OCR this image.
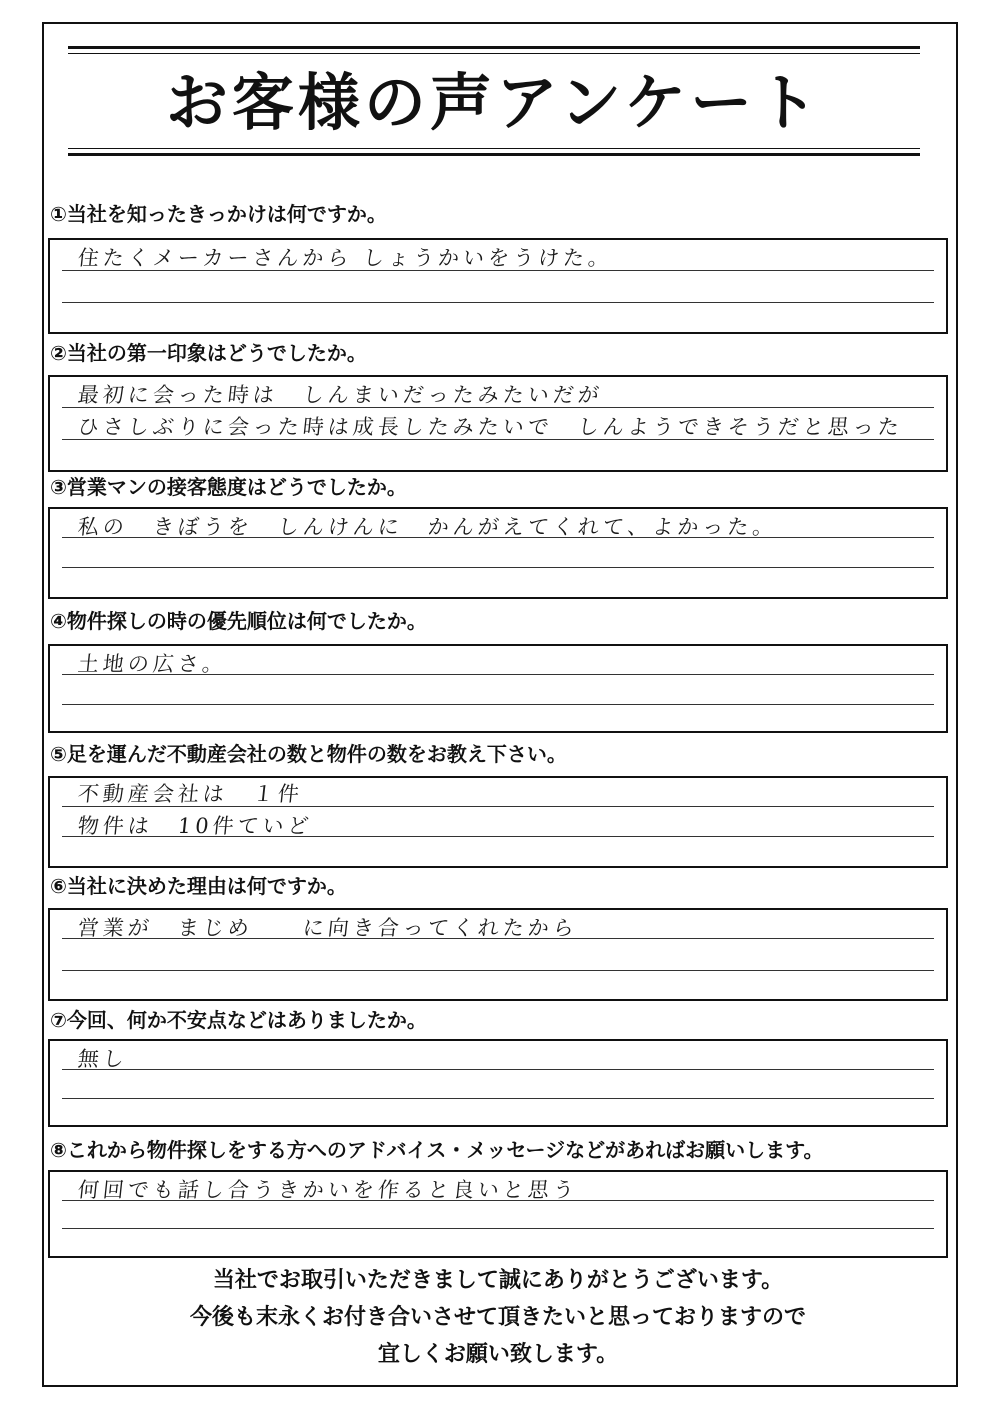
お客様の声アンケート
①当社を知ったきっかけは何ですか。
住たくメーカーさんから しょうかいをうけた。
②当社の第一印象はどうでしたか。
最初に会った時は　しんまいだったみたいだが
ひさしぶりに会った時は成長したみたいで　しんようできそうだと思った
③営業マンの接客態度はどうでしたか。
私の　きぼうを　しんけんに　かんがえてくれて、よかった。
④物件探しの時の優先順位は何でしたか。
土地の広さ。
⑤足を運んだ不動産会社の数と物件の数をお教え下さい。
不動産会社は　１件
物件は　10件ていど
⑥当社に決めた理由は何ですか。
営業が　まじめ　　に向き合ってくれたから
⑦今回、何か不安点などはありましたか。
無し
⑧これから物件探しをする方へのアドバイス・メッセージなどがあればお願いします。
何回でも話し合うきかいを作ると良いと思う
当社でお取引いただきまして誠にありがとうございます。
今後も末永くお付き合いさせて頂きたいと思っておりますので
宜しくお願い致します。
